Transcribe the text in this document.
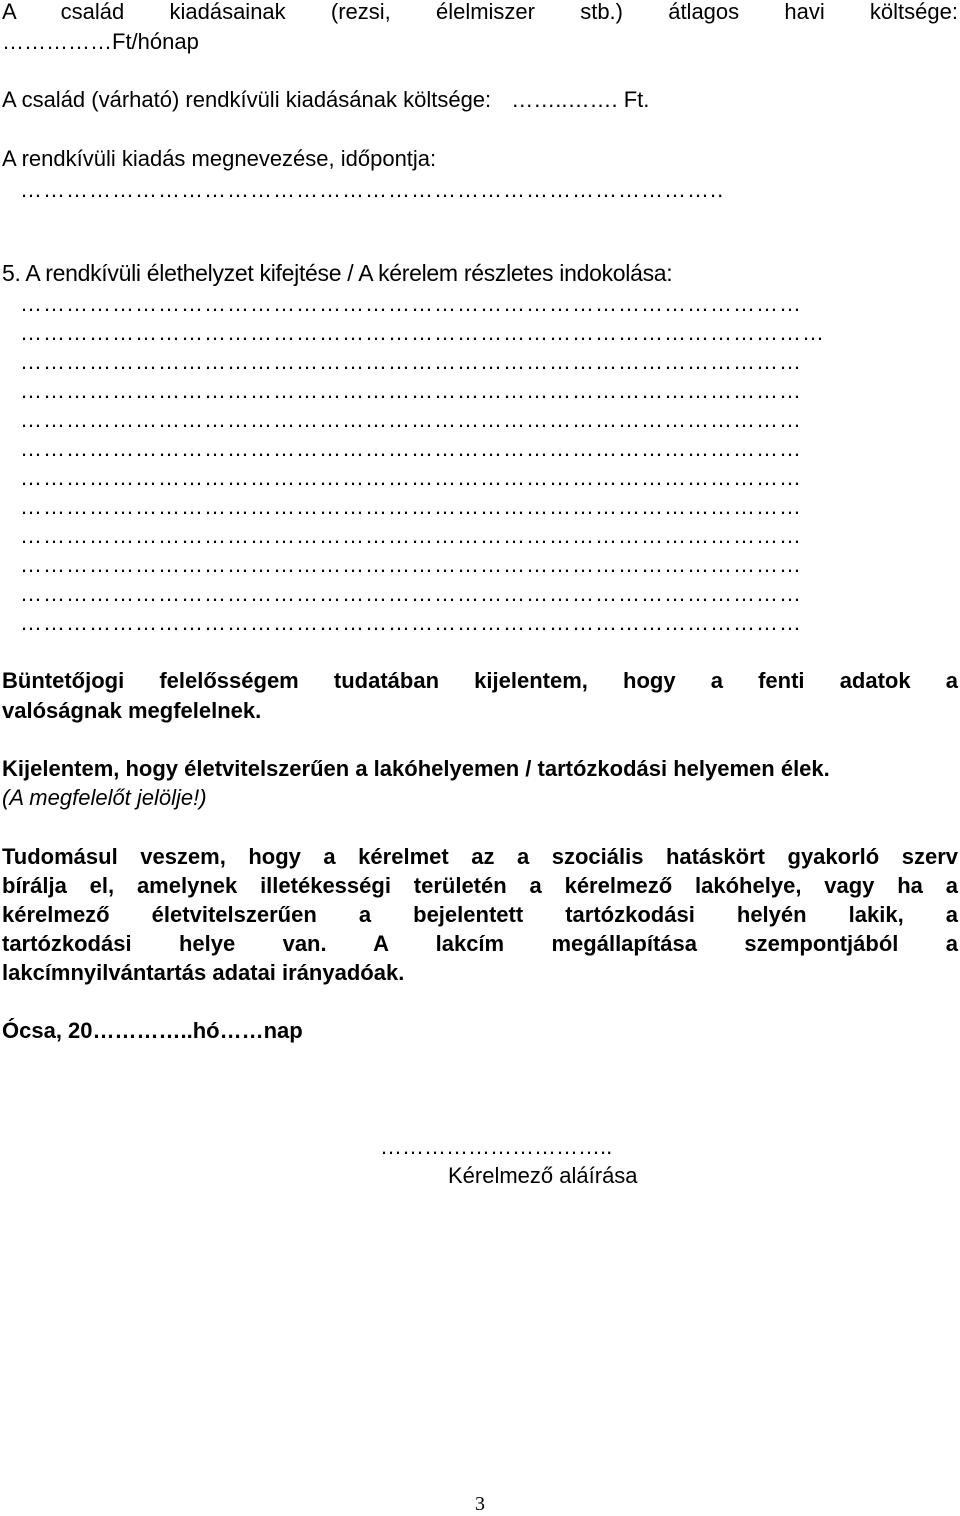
A család kiadásainak (rezsi, élelmiszer stb.) átlagos havi költsége:
……………Ft/hónap
A család (várható) rendkívüli kiadásának költsége: ……..……. Ft.
A rendkívüli kiadás megnevezése, időpontja:
………………………………………………………………………………..
5. A rendkívüli élethelyzet kifejtése / A kérelem részletes indokolása:
…………………………………………………………………………………………
……………………………………………………………………………………………
…………………………………………………………………………………………
…………………………………………………………………………………………
…………………………………………………………………………………………
…………………………………………………………………………………………
…………………………………………………………………………………………
…………………………………………………………………………………………
…………………………………………………………………………………………
…………………………………………………………………………………………
…………………………………………………………………………………………
…………………………………………………………………………………………
Büntetőjogi felelősségem tudatában kijelentem, hogy a fenti adatok a
valóságnak megfelelnek.
Kijelentem, hogy életvitelszerűen a lakóhelyemen / tartózkodási helyemen élek.
(A megfelelőt jelölje!)
Tudomásul veszem, hogy a kérelmet az a szociális hatáskört gyakorló szerv
bírálja el, amelynek illetékességi területén a kérelmező lakóhelye, vagy ha a
kérelmező életvitelszerűen a bejelentett tartózkodási helyén lakik, a
tartózkodási helye van. A lakcím megállapítása szempontjából a
lakcímnyilvántartás adatai irányadóak.
Ócsa, 20…………..hó……nap
…………………………..
Kérelmező aláírása
3
